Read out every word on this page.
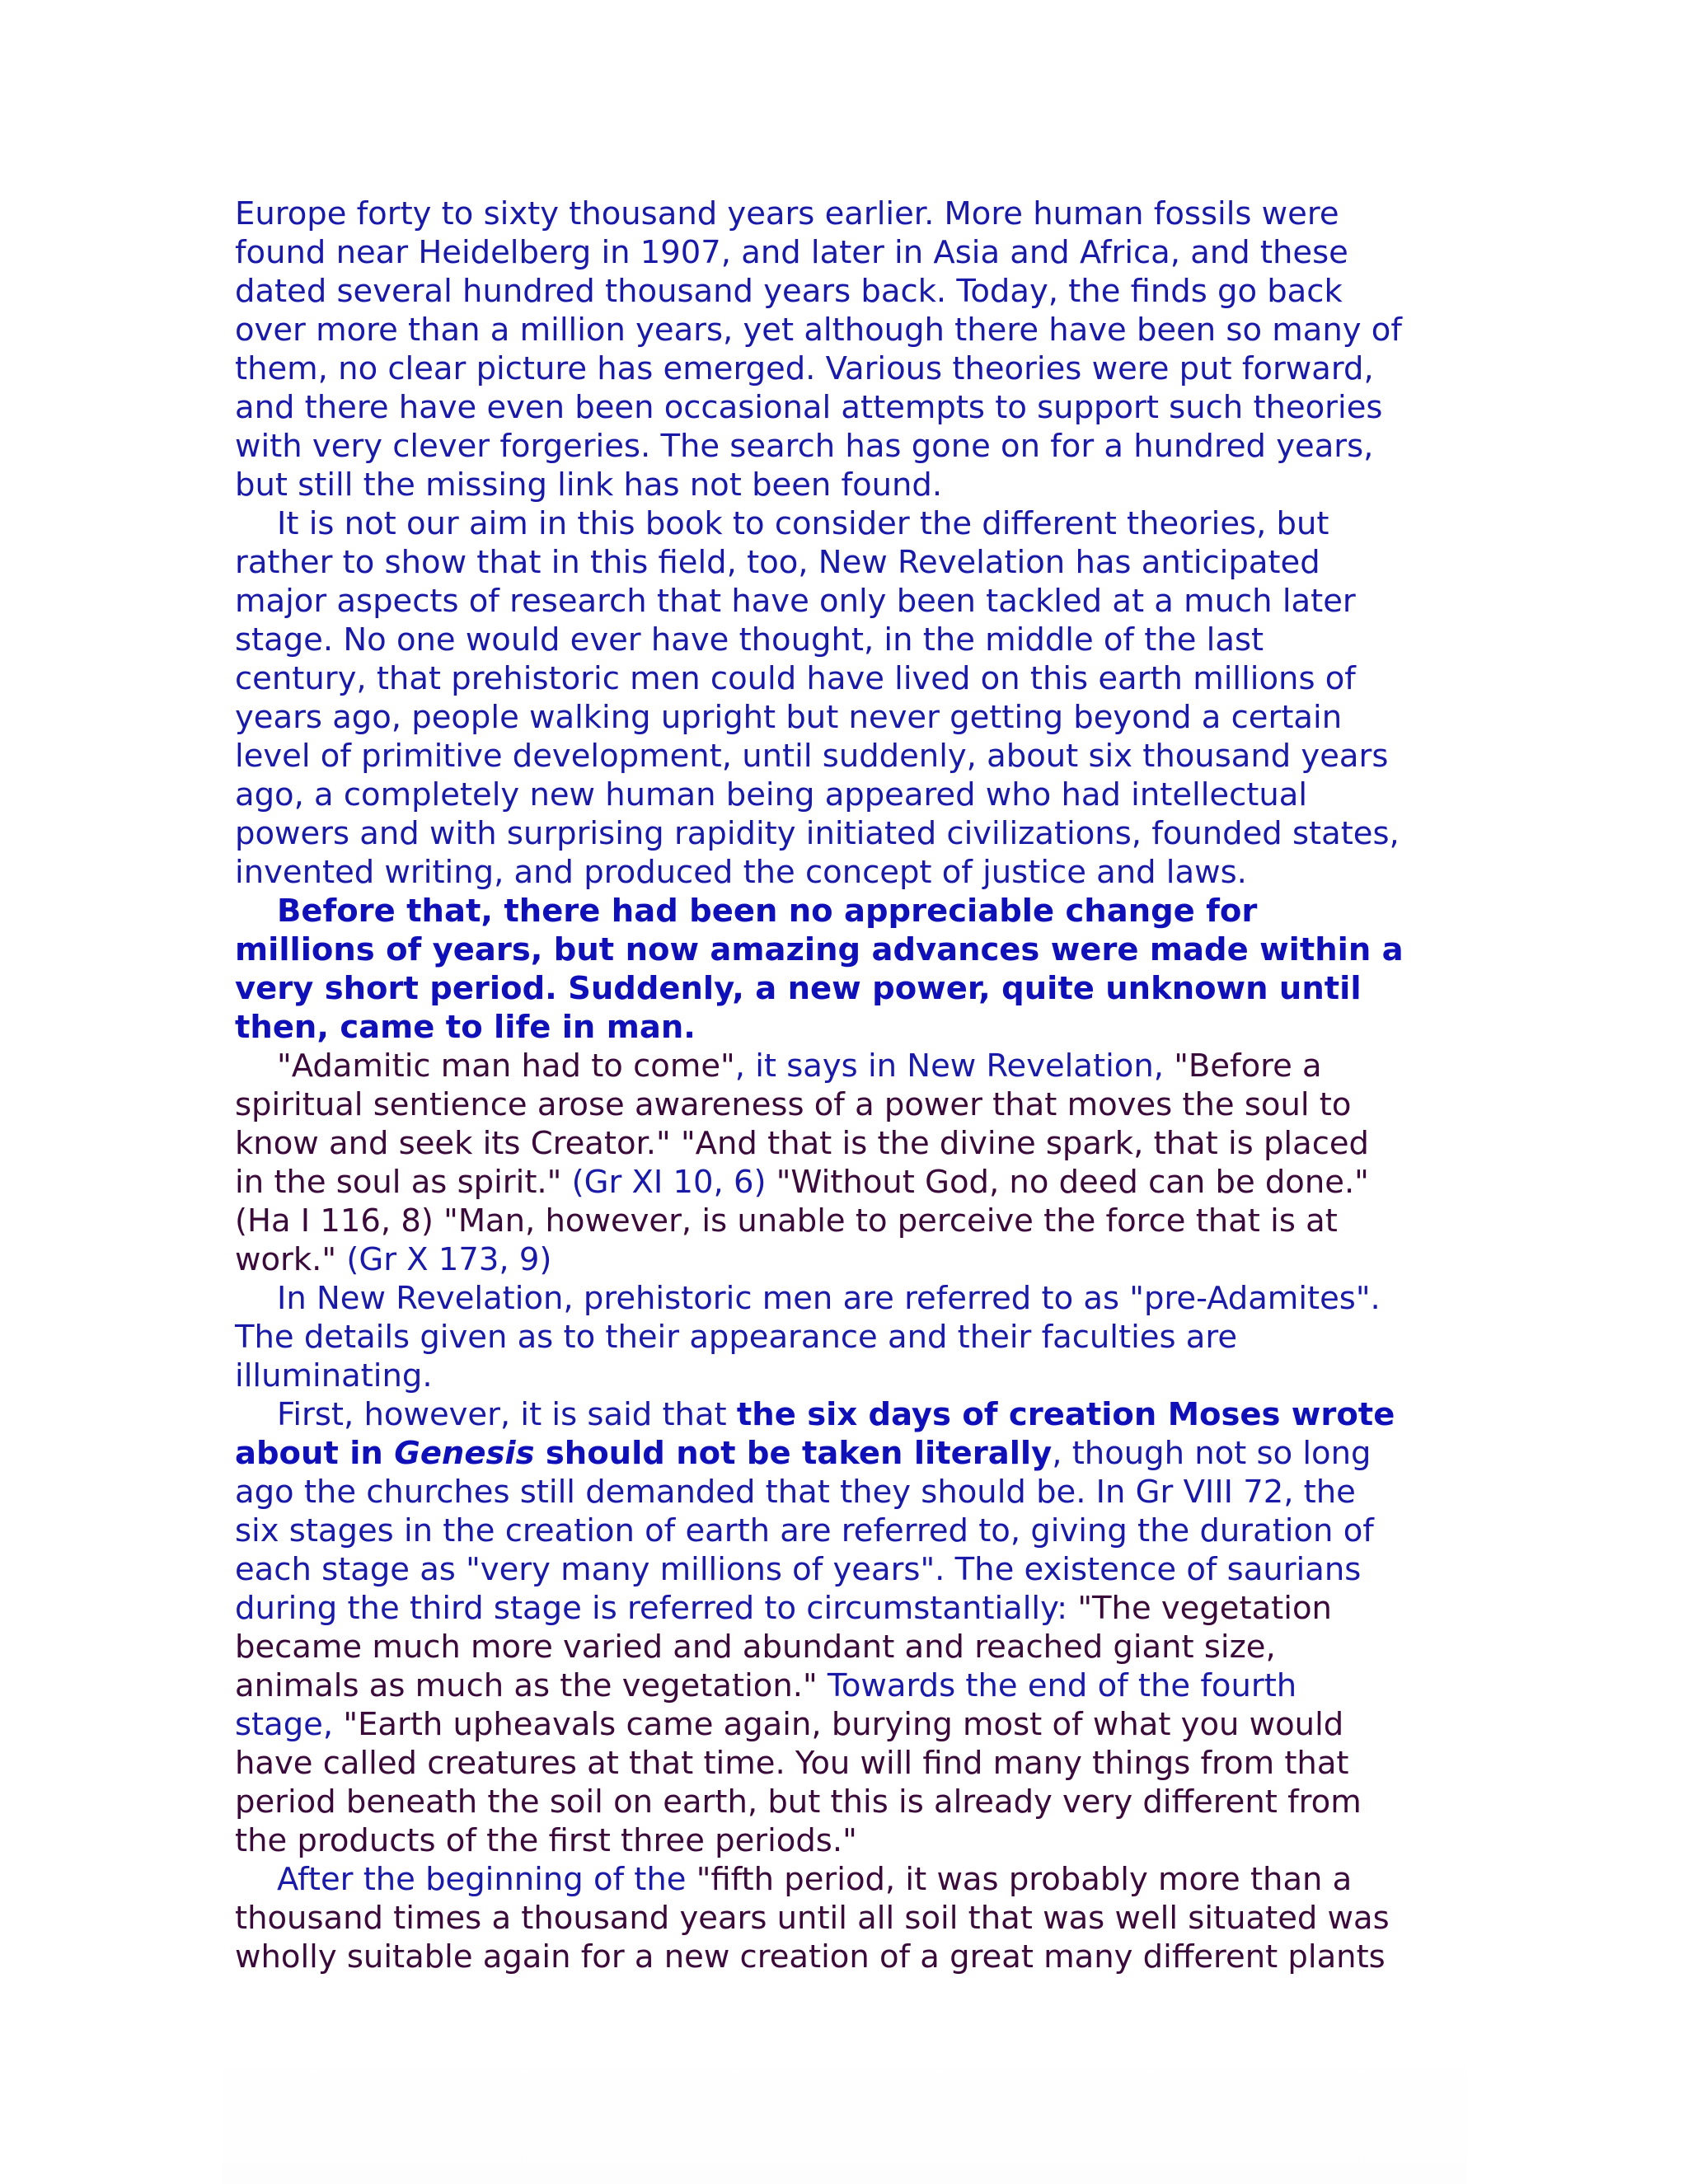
Europe forty to sixty thousand years earlier. More human fossils were
found near Heidelberg in 1907, and later in Asia and Africa, and these
dated several hundred thousand years back. Today, the finds go back
over more than a million years, yet although there have been so many of
them, no clear picture has emerged. Various theories were put forward,
and there have even been occasional attempts to support such theories
with very clever forgeries. The search has gone on for a hundred years,
but still the missing link has not been found.
It is not our aim in this book to consider the different theories, but
rather to show that in this field, too, New Revelation has anticipated
major aspects of research that have only been tackled at a much later
stage. No one would ever have thought, in the middle of the last
century, that prehistoric men could have lived on this earth millions of
years ago, people walking upright but never getting beyond a certain
level of primitive development, until suddenly, about six thousand years
ago, a completely new human being appeared who had intellectual
powers and with surprising rapidity initiated civilizations, founded states,
invented writing, and produced the concept of justice and laws.
Before that, there had been no appreciable change for
millions of years, but now amazing advances were made within a
very short period. Suddenly, a new power, quite unknown until
then, came to life in man.
"Adamitic man had to come", it says in New Revelation, "Before a
spiritual sentience arose awareness of a power that moves the soul to
know and seek its Creator." "And that is the divine spark, that is placed
in the soul as spirit." (Gr XI 10, 6) "Without God, no deed can be done."
(Ha I 116, 8) "Man, however, is unable to perceive the force that is at
work." (Gr X 173, 9)
In New Revelation, prehistoric men are referred to as "pre-Adamites".
The details given as to their appearance and their faculties are
illuminating.
First, however, it is said that the six days of creation Moses wrote
about in Genesis should not be taken literally, though not so long
ago the churches still demanded that they should be. In Gr VIII 72, the
six stages in the creation of earth are referred to, giving the duration of
each stage as "very many millions of years". The existence of saurians
during the third stage is referred to circumstantially: "The vegetation
became much more varied and abundant and reached giant size,
animals as much as the vegetation." Towards the end of the fourth
stage, "Earth upheavals came again, burying most of what you would
have called creatures at that time. You will find many things from that
period beneath the soil on earth, but this is already very different from
the products of the first three periods."
After the beginning of the "fifth period, it was probably more than a
thousand times a thousand years until all soil that was well situated was
wholly suitable again for a new creation of a great many different plants
